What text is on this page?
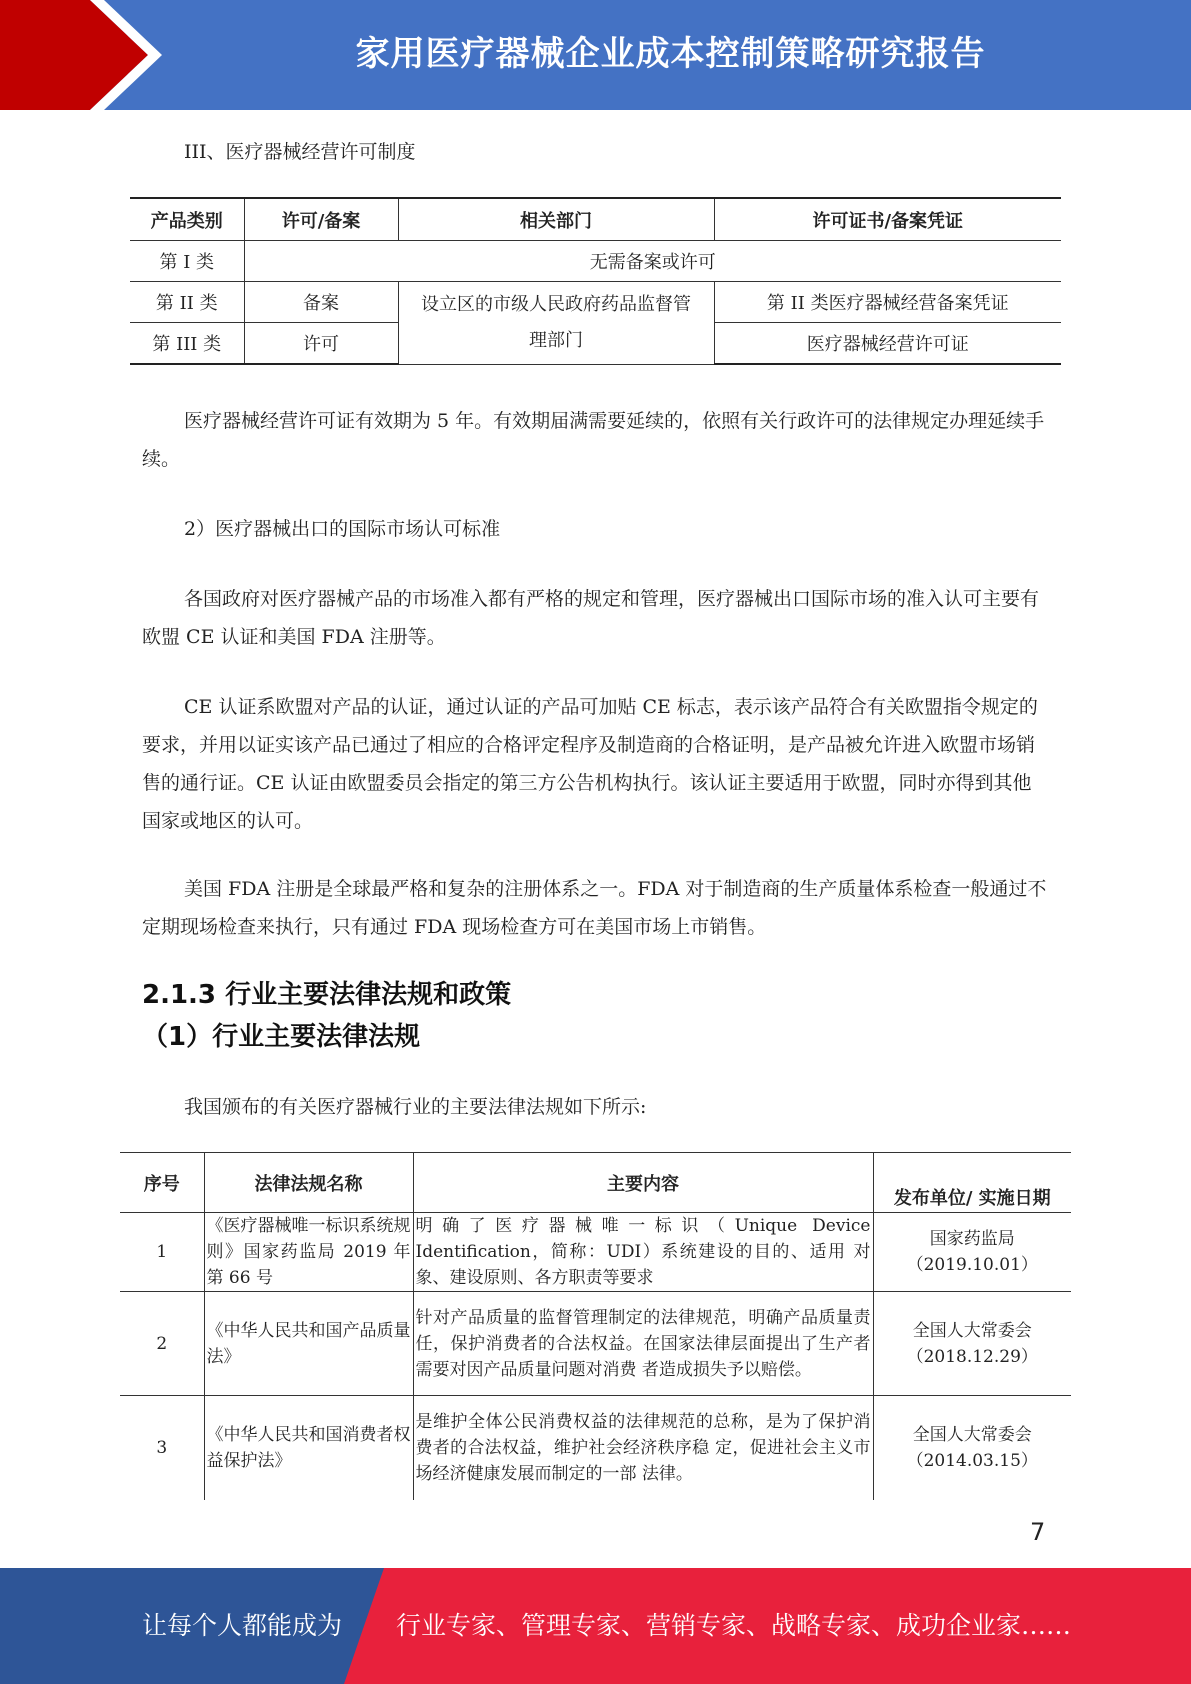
家用医疗器械企业成本控制策略研究报告

III、医疗器械经营许可制度

产品类别	许可/备案	相关部门	许可证书/备案凭证
第 I 类	无需备案或许可		
第 II 类	备案	设立区的市级人民政府药品监督管理部门	第 II 类医疗器械经营备案凭证
第 III 类	许可		医疗器械经营许可证

医疗器械经营许可证有效期为 5 年。有效期届满需要延续的，依照有关行政许可的法律规定办理延续手续。

2）医疗器械出口的国际市场认可标准

各国政府对医疗器械产品的市场准入都有严格的规定和管理，医疗器械出口国际市场的准入认可主要有欧盟 CE 认证和美国 FDA 注册等。

CE 认证系欧盟对产品的认证，通过认证的产品可加贴 CE 标志，表示该产品符合有关欧盟指令规定的要求，并用以证实该产品已通过了相应的合格评定程序及制造商的合格证明，是产品被允许进入欧盟市场销售的通行证。CE 认证由欧盟委员会指定的第三方公告机构执行。该认证主要适用于欧盟，同时亦得到其他国家或地区的认可。

美国 FDA 注册是全球最严格和复杂的注册体系之一。FDA 对于制造商的生产质量体系检查一般通过不定期现场检查来执行，只有通过 FDA 现场检查方可在美国市场上市销售。

2.1.3 行业主要法律法规和政策
（1）行业主要法律法规

我国颁布的有关医疗器械行业的主要法律法规如下所示:

序号	法律法规名称	主要内容	发布单位/ 实施日期
1	《医疗器械唯一标识系统规则》国家药监局 2019 年第 66 号	明确了医疗器械唯一标识（Unique Device Identification，简称：UDI）系统建设的目的、适用 对象、建设原则、各方职责等要求	国家药监局
（2019.10.01）

2	《中华人民共和国产品质量法》	针对产品质量的监督管理制定的法律规范，明确产品质量责任，保护消费者的合法权益。在国家法律层面提出了生产者需要对因产品质量问题对消费 者造成损失予以赔偿。	全国人大常委会
（2018.12.29）

3	《中华人民共和国消费者权益保护法》	是维护全体公民消费权益的法律规范的总称，是为了保护消费者的合法权益，维护社会经济秩序稳 定，促进社会主义市场经济健康发展而制定的一部 法律。	全国人大常委会
（2014.03.15）
7
让每个人都能成为 行业专家、管理专家、营销专家、战略专家、成功企业家……
